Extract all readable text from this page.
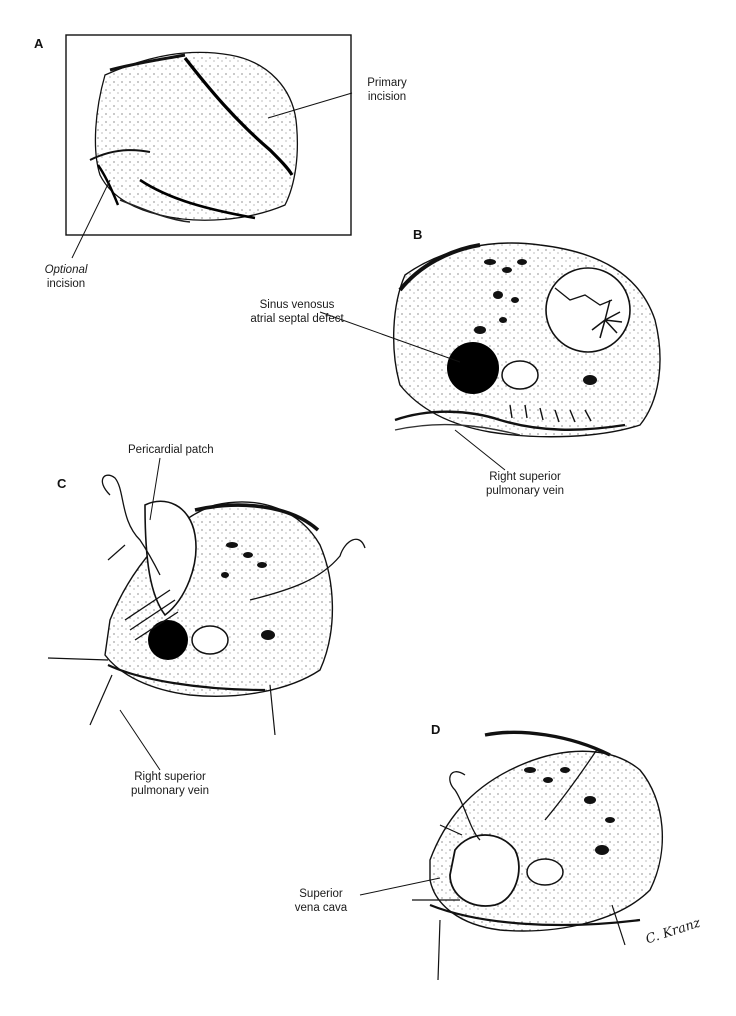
A
B
C
D
Primary
incision
Optional
incision
Sinus venosus
atrial septal defect
Right superior
pulmonary vein
Pericardial patch
Right superior
pulmonary vein
Superior
vena cava
C. Kranz
